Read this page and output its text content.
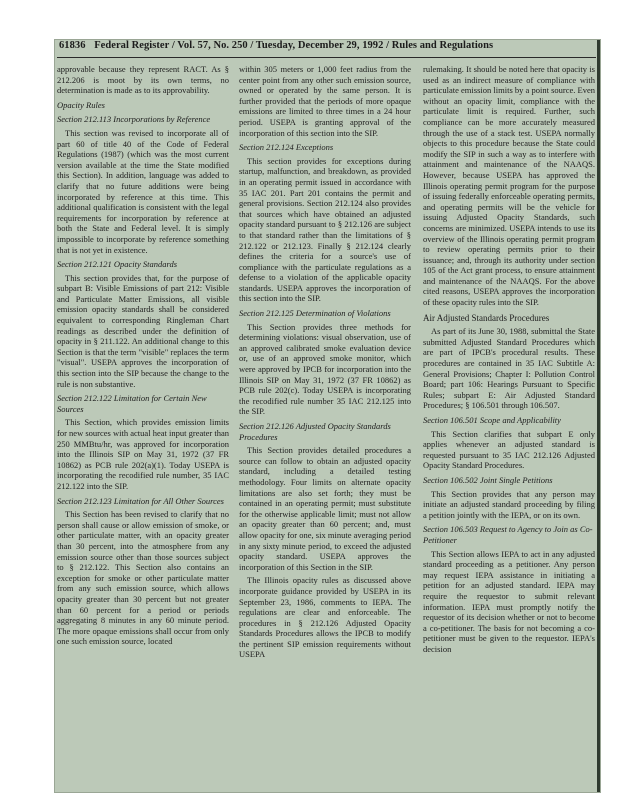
61836 Federal Register / Vol. 57, No. 250 / Tuesday, December 29, 1992 / Rules and Regulations

approvable because they represent RACT. As § 212.206 is moot by its own terms, no determination is made as to its approvability.

Opacity Rules

Section 212.113 Incorporations by Reference

This section was revised to incorporate all of part 60 of title 40 of the Code of Federal Regulations (1987) (which was the most current version available at the time the State modified this Section). In addition, language was added to clarify that no future additions were being incorporated by reference at this time. This additional qualification is consistent with the legal requirements for incorporation by reference at both the State and Federal level. It is simply impossible to incorporate by reference something that is not yet in existence.

Section 212.121 Opacity Standards

This section provides that, for the purpose of subpart B: Visible Emissions of part 212: Visible and Particulate Matter Emissions, all visible emission opacity standards shall be considered equivalent to corresponding Ringleman Chart readings as described under the definition of opacity in § 211.122. An additional change to this Section is that the term "visible" replaces the term "visual". USEPA approves the incorporation of this section into the SIP because the change to the rule is non substantive.

Section 212.122 Limitation for Certain New Sources

This Section, which provides emission limits for new sources with actual heat input greater than 250 MMBtu/hr, was approved for incorporation into the Illinois SIP on May 31, 1972 (37 FR 10862) as PCB rule 202(a)(1). Today USEPA is incorporating the recodified rule number, 35 IAC 212.122 into the SIP.

Section 212.123 Limitation for All Other Sources

This Section has been revised to clarify that no person shall cause or allow emission of smoke, or other particulate matter, with an opacity greater than 30 percent, into the atmosphere from any emission source other than those sources subject to § 212.122. This Section also contains an exception for smoke or other particulate matter from any such emission source, which allows opacity greater than 30 percent but not greater than 60 percent for a period or periods aggregating 8 minutes in any 60 minute period. The more opaque emissions shall occur from only one such emission source, located

within 305 meters or 1,000 feet radius from the center point from any other such emission source, owned or operated by the same person. It is further provided that the periods of more opaque emissions are limited to three times in a 24 hour period. USEPA is granting approval of the incorporation of this section into the SIP.

Section 212.124 Exceptions

This section provides for exceptions during startup, malfunction, and breakdown, as provided in an operating permit issued in accordance with 35 IAC 201. Part 201 contains the permit and general provisions. Section 212.124 also provides that sources which have obtained an adjusted opacity standard pursuant to § 212.126 are subject to that standard rather than the limitations of § 212.122 or 212.123. Finally § 212.124 clearly defines the criteria for a source's use of compliance with the particulate regulations as a defense to a violation of the applicable opacity standards. USEPA approves the incorporation of this section into the SIP.

Section 212.125 Determination of Violations

This Section provides three methods for determining violations: visual observation, use of an approved calibrated smoke evaluation device or, use of an approved smoke monitor, which were approved by IPCB for incorporation into the Illinois SIP on May 31, 1972 (37 FR 10862) as PCB rule 202(c). Today USEPA is incorporating the recodified rule number 35 IAC 212.125 into the SIP.

Section 212.126 Adjusted Opacity Standards Procedures

This Section provides detailed procedures a source can follow to obtain an adjusted opacity standard, including a detailed testing methodology. Four limits on alternate opacity limitations are also set forth; they must be contained in an operating permit; must substitute for the otherwise applicable limit; must not allow an opacity greater than 60 percent; and, must allow opacity for one, six minute averaging period in any sixty minute period, to exceed the adjusted opacity standard. USEPA approves the incorporation of this Section in the SIP.

The Illinois opacity rules as discussed above incorporate guidance provided by USEPA in its September 23, 1986, comments to IEPA. The regulations are clear and enforceable. The procedures in § 212.126 Adjusted Opacity Standards Procedures allows the IPCB to modify the pertinent SIP emission requirements without USEPA

rulemaking. It should be noted here that opacity is used as an indirect measure of compliance with particulate emission limits by a point source. Even without an opacity limit, compliance with the particulate limit is required. Further, such compliance can be more accurately measured through the use of a stack test. USEPA normally objects to this procedure because the State could modify the SIP in such a way as to interfere with attainment and maintenance of the NAAQS. However, because USEPA has approved the Illinois operating permit program for the purpose of issuing federally enforceable operating permits, and operating permits will be the vehicle for issuing Adjusted Opacity Standards, such concerns are minimized. USEPA intends to use its overview of the Illinois operating permit program to review operating permits prior to their issuance; and, through its authority under section 105 of the Act grant process, to ensure attainment and maintenance of the NAAQS. For the above cited reasons, USEPA approves the incorporation of these opacity rules into the SIP.

Air Adjusted Standards Procedures

As part of its June 30, 1988, submittal the State submitted Adjusted Standard Procedures which are part of IPCB's procedural results. These procedures are contained in 35 IAC Subtitle A: General Provisions; Chapter I: Pollution Control Board; part 106: Hearings Pursuant to Specific Rules; subpart E: Air Adjusted Standard Procedures; § 106.501 through 106.507.

Section 106.501 Scope and Applicability

This Section clarifies that subpart E only applies whenever an adjusted standard is requested pursuant to 35 IAC 212.126 Adjusted Opacity Standard Procedures.

Section 106.502 Joint Single Petitions

This Section provides that any person may initiate an adjusted standard proceeding by filing a petition jointly with the IEPA, or on its own.

Section 106.503 Request to Agency to Join as Co-Petitioner

This Section allows IEPA to act in any adjusted standard proceeding as a petitioner. Any person may request IEPA assistance in initiating a petition for an adjusted standard. IEPA may require the requestor to submit relevant information. IEPA must promptly notify the requestor of its decision whether or not to become a co-petitioner. The basis for not becoming a co-petitioner must be given to the requestor. IEPA's decision
